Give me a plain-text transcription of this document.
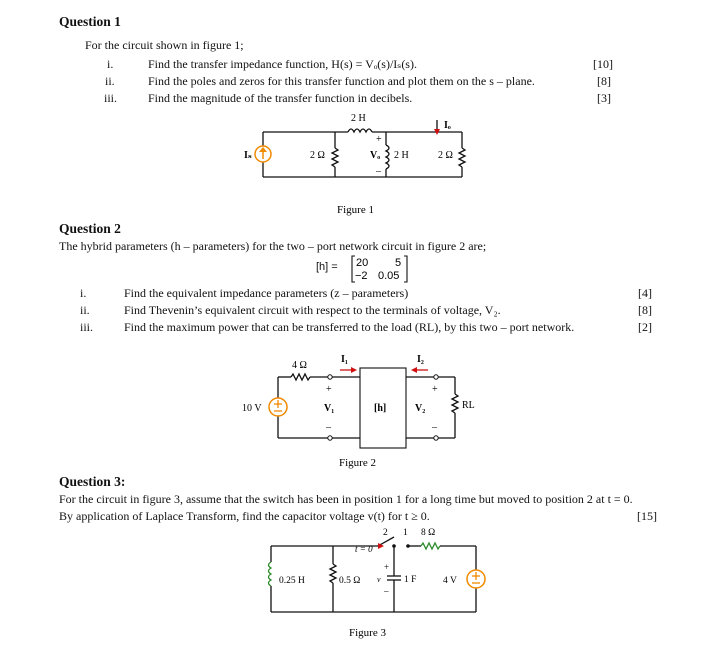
Question 1
For the circuit shown in figure 1;
i.	Find the transfer impedance function, H(s) = Vₒ(s)/Iₛ(s).	[10]
ii.	Find the poles and zeros for this transfer function and plot them on the s – plane.	[8]
iii.	Find the magnitude of the transfer function in decibels.	[3]
2 H
Iₛ	2 Ω
+
Vₒ
–
2 H	2 Ω
Iₒ
Figure 1
Question 2
The hybrid parameters (h – parameters) for the two – port network circuit in figure 2 are;
[h] = 20 5
−2 0.05
i.	Find the equivalent impedance parameters (z – parameters)	[4]
ii.	Find Thevenin’s equivalent circuit with respect to the terminals of voltage, V₂.	[8]
iii.	Find the maximum power that can be transferred to the load (RL), by this two – port network.	[2]
10 V
4 Ω
I₁	I₂
+
V₁
–
[h]
+
V₂
–
RL
Figure 2
Question 3:
For the circuit in figure 3, assume that the switch has been in position 1 for a long time but moved to position 2 at t = 0.
By application of Laplace Transform, find the capacitor voltage v(t) for t ≥ 0.	[15]
0.25 H	0.5 Ω
+
v
–
1 F
t = 0
2 1 8 Ω
4 V
Figure 3
